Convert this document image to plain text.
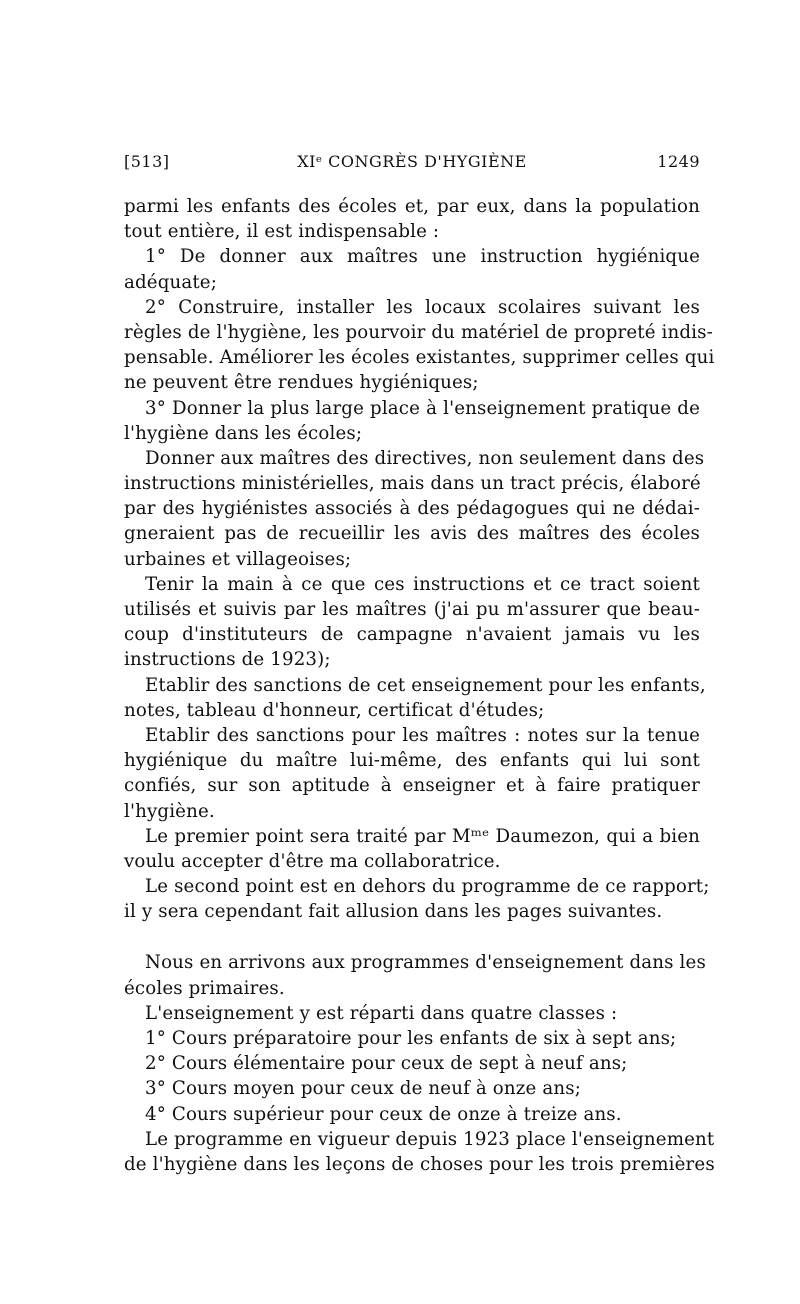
[513]	XIᵉ CONGRÈS D'HYGIÈNE	1249
parmi les enfants des écoles et, par eux, dans la population
tout entière, il est indispensable :
1° De donner aux maîtres une instruction hygiénique
adéquate;
2° Construire, installer les locaux scolaires suivant les
règles de l'hygiène, les pourvoir du matériel de propreté indis-
pensable. Améliorer les écoles existantes, supprimer celles qui
ne peuvent être rendues hygiéniques;
3° Donner la plus large place à l'enseignement pratique de
l'hygiène dans les écoles;
Donner aux maîtres des directives, non seulement dans des
instructions ministérielles, mais dans un tract précis, élaboré
par des hygiénistes associés à des pédagogues qui ne dédai-
gneraient pas de recueillir les avis des maîtres des écoles
urbaines et villageoises;
Tenir la main à ce que ces instructions et ce tract soient
utilisés et suivis par les maîtres (j'ai pu m'assurer que beau-
coup d'instituteurs de campagne n'avaient jamais vu les
instructions de 1923);
Etablir des sanctions de cet enseignement pour les enfants,
notes, tableau d'honneur, certificat d'études;
Etablir des sanctions pour les maîtres : notes sur la tenue
hygiénique du maître lui-même, des enfants qui lui sont
confiés, sur son aptitude à enseigner et à faire pratiquer
l'hygiène.
Le premier point sera traité par Mᵐᵉ Daumezon, qui a bien
voulu accepter d'être ma collaboratrice.
Le second point est en dehors du programme de ce rapport;
il y sera cependant fait allusion dans les pages suivantes.
Nous en arrivons aux programmes d'enseignement dans les
écoles primaires.
L'enseignement y est réparti dans quatre classes :
1° Cours préparatoire pour les enfants de six à sept ans;
2° Cours élémentaire pour ceux de sept à neuf ans;
3° Cours moyen pour ceux de neuf à onze ans;
4° Cours supérieur pour ceux de onze à treize ans.
Le programme en vigueur depuis 1923 place l'enseignement
de l'hygiène dans les leçons de choses pour les trois premières
